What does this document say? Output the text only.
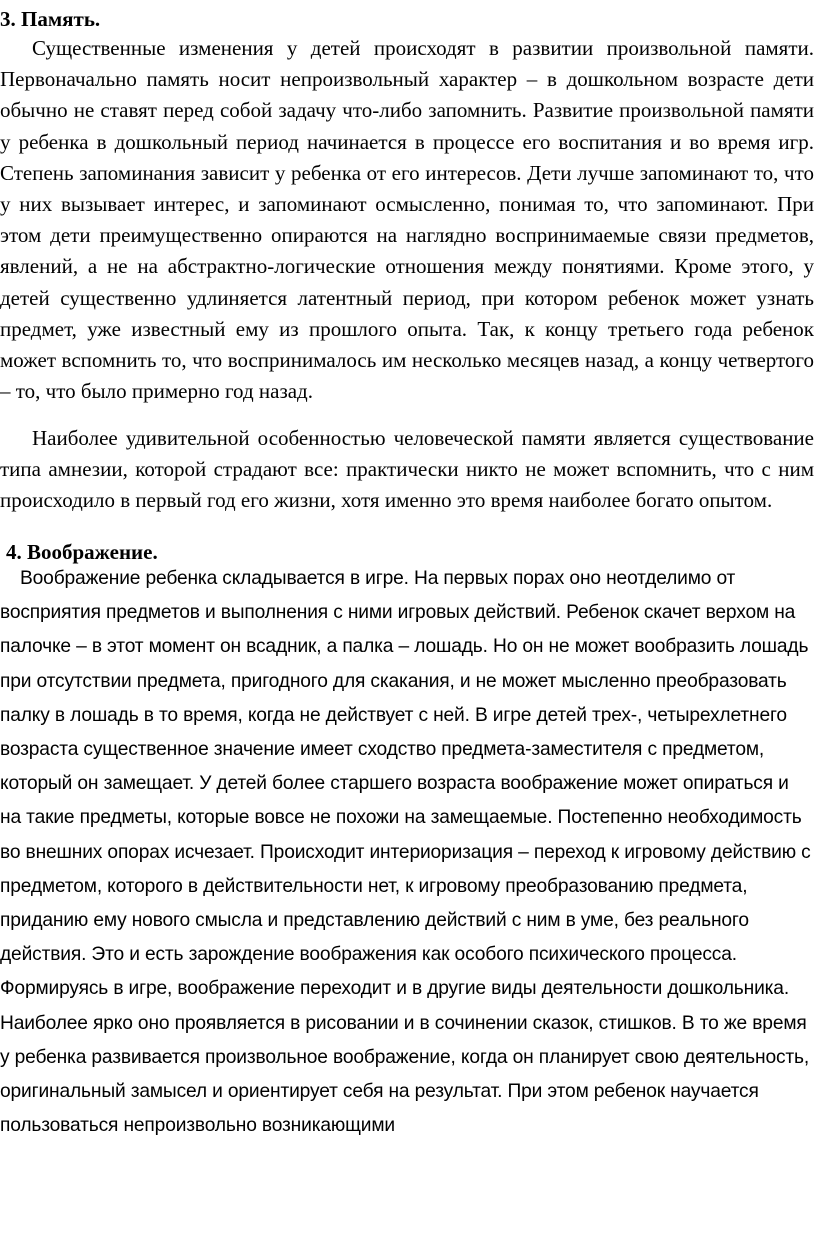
3. Память.

Существенные изменения у детей происходят в развитии произвольной памяти. Первоначально память носит непроизвольный характер – в дошкольном возрасте дети обычно не ставят перед собой задачу что-либо запомнить. Развитие произвольной памяти у ребенка в дошкольный период начинается в процессе его воспитания и во время игр. Степень запоминания зависит у ребенка от его интересов. Дети лучше запоминают то, что у них вызывает интерес, и запоминают осмысленно, понимая то, что запоминают. При этом дети преимущественно опираются на наглядно воспринимаемые связи предметов, явлений, а не на абстрактно-логические отношения между понятиями. Кроме этого, у детей существенно удлиняется латентный период, при котором ребенок может узнать предмет, уже известный ему из прошлого опыта. Так, к концу третьего года ребенок может вспомнить то, что воспринималось им несколько месяцев назад, а концу четвертого – то, что было примерно год назад.

Наиболее удивительной особенностью человеческой памяти является существование типа амнезии, которой страдают все: практически никто не может вспомнить, что с ним происходило в первый год его жизни, хотя именно это время наиболее богато опытом.

4. Воображение.

Воображение ребенка складывается в игре. На первых порах оно неотделимо от восприятия предметов и выполнения с ними игровых действий. Ребенок скачет верхом на палочке – в этот момент он всадник, а палка – лошадь. Но он не может вообразить лошадь при отсутствии предмета, пригодного для скакания, и не может мысленно преобразовать палку в лошадь в то время, когда не действует с ней. В игре детей трех-, четырехлетнего возраста существенное значение имеет сходство предмета-заместителя с предметом, который он замещает. У детей более старшего возраста воображение может опираться и на такие предметы, которые вовсе не похожи на замещаемые. Постепенно необходимость во внешних опорах исчезает. Происходит интериоризация – переход к игровому действию с предметом, которого в действительности нет, к игровому преобразованию предмета, приданию ему нового смысла и представлению действий с ним в уме, без реального действия. Это и есть зарождение воображения как особого психического процесса. Формируясь в игре, воображение переходит и в другие виды деятельности дошкольника. Наиболее ярко оно проявляется в рисовании и в сочинении сказок, стишков. В то же время у ребенка развивается произвольное воображение, когда он планирует свою деятельность, оригинальный замысел и ориентирует себя на результат. При этом ребенок научается пользоваться непроизвольно возникающими
